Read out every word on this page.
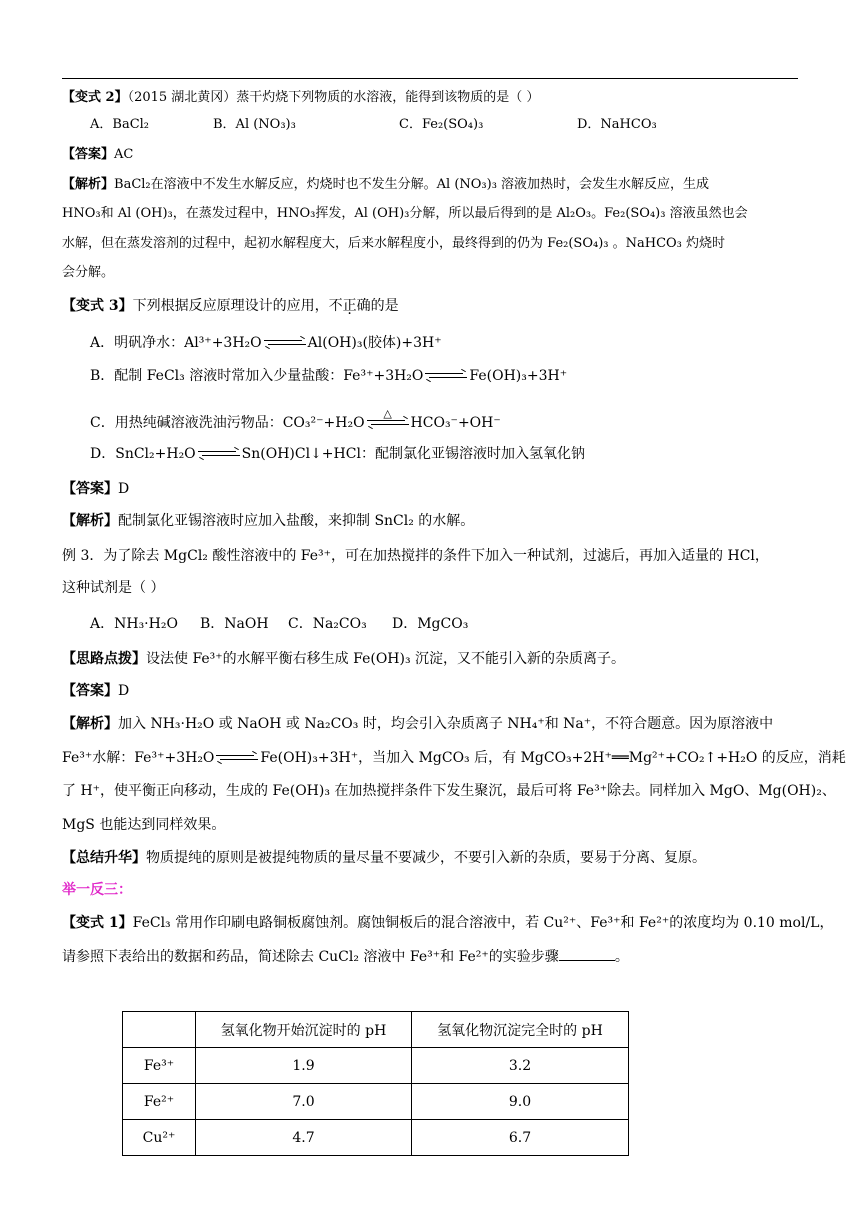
【变式 2】（2015 湖北黄冈）蒸干灼烧下列物质的水溶液，能得到该物质的是（ ）
A．BaCl₂	B．Al (NO₃)₃	C．Fe₂(SO₄)₃	D．NaHCO₃
【答案】AC
【解析】BaCl₂在溶液中不发生水解反应，灼烧时也不发生分解。Al (NO₃)₃ 溶液加热时，会发生水解反应，生成
HNO₃和 Al (OH)₃，在蒸发过程中，HNO₃挥发，Al (OH)₃分解，所以最后得到的是 Al₂O₃。Fe₂(SO₄)₃ 溶液虽然也会
水解，但在蒸发溶剂的过程中，起初水解程度大，后来水解程度小，最终得到的仍为 Fe₂(SO₄)₃ 。NaHCO₃ 灼烧时
会分解。
【变式 3】下列根据反应原理设计的应用，不正确的是
A．明矾净水：Al³⁺+3H₂O	Al(OH)₃(胶体)+3H⁺
B．配制 FeCl₃ 溶液时常加入少量盐酸：Fe³⁺+3H₂O	Fe(OH)₃+3H⁺
C．用热纯碱溶液洗油污物品：CO₃²⁻+H₂O
△
HCO₃⁻+OH⁻
D．SnCl₂+H₂O	Sn(OH)Cl↓+HCl：配制氯化亚锡溶液时加入氢氧化钠
【答案】D
【解析】配制氯化亚锡溶液时应加入盐酸，来抑制 SnCl₂ 的水解。
例 3．为了除去 MgCl₂ 酸性溶液中的 Fe³⁺，可在加热搅拌的条件下加入一种试剂，过滤后，再加入适量的 HCl，
这种试剂是（ ）
A．NH₃·H₂O B．NaOH C．Na₂CO₃ D．MgCO₃
【思路点拨】设法使 Fe³⁺的水解平衡右移生成 Fe(OH)₃ 沉淀，又不能引入新的杂质离子。
【答案】D
【解析】加入 NH₃·H₂O 或 NaOH 或 Na₂CO₃ 时，均会引入杂质离子 NH₄⁺和 Na⁺，不符合题意。因为原溶液中
Fe³⁺水解：Fe³⁺+3H₂O	Fe(OH)₃+3H⁺，当加入 MgCO₃ 后，有 MgCO₃+2H⁺══Mg²⁺+CO₂↑+H₂O 的反应，消耗
了 H⁺，使平衡正向移动，生成的 Fe(OH)₃ 在加热搅拌条件下发生聚沉，最后可将 Fe³⁺除去。同样加入 MgO、Mg(OH)₂、
MgS 也能达到同样效果。
【总结升华】物质提纯的原则是被提纯物质的量尽量不要减少，不要引入新的杂质，要易于分离、复原。
举一反三：
【变式 1】FeCl₃ 常用作印刷电路铜板腐蚀剂。腐蚀铜板后的混合溶液中，若 Cu²⁺、Fe³⁺和 Fe²⁺的浓度均为 0.10 mol/L，
请参照下表给出的数据和药品，简述除去 CuCl₂ 溶液中 Fe³⁺和 Fe²⁺的实验步骤	。
	氢氧化物开始沉淀时的 pH	氢氧化物沉淀完全时的 pH
Fe³⁺	1.9	3.2
Fe²⁺	7.0	9.0
Cu²⁺	4.7	6.7
